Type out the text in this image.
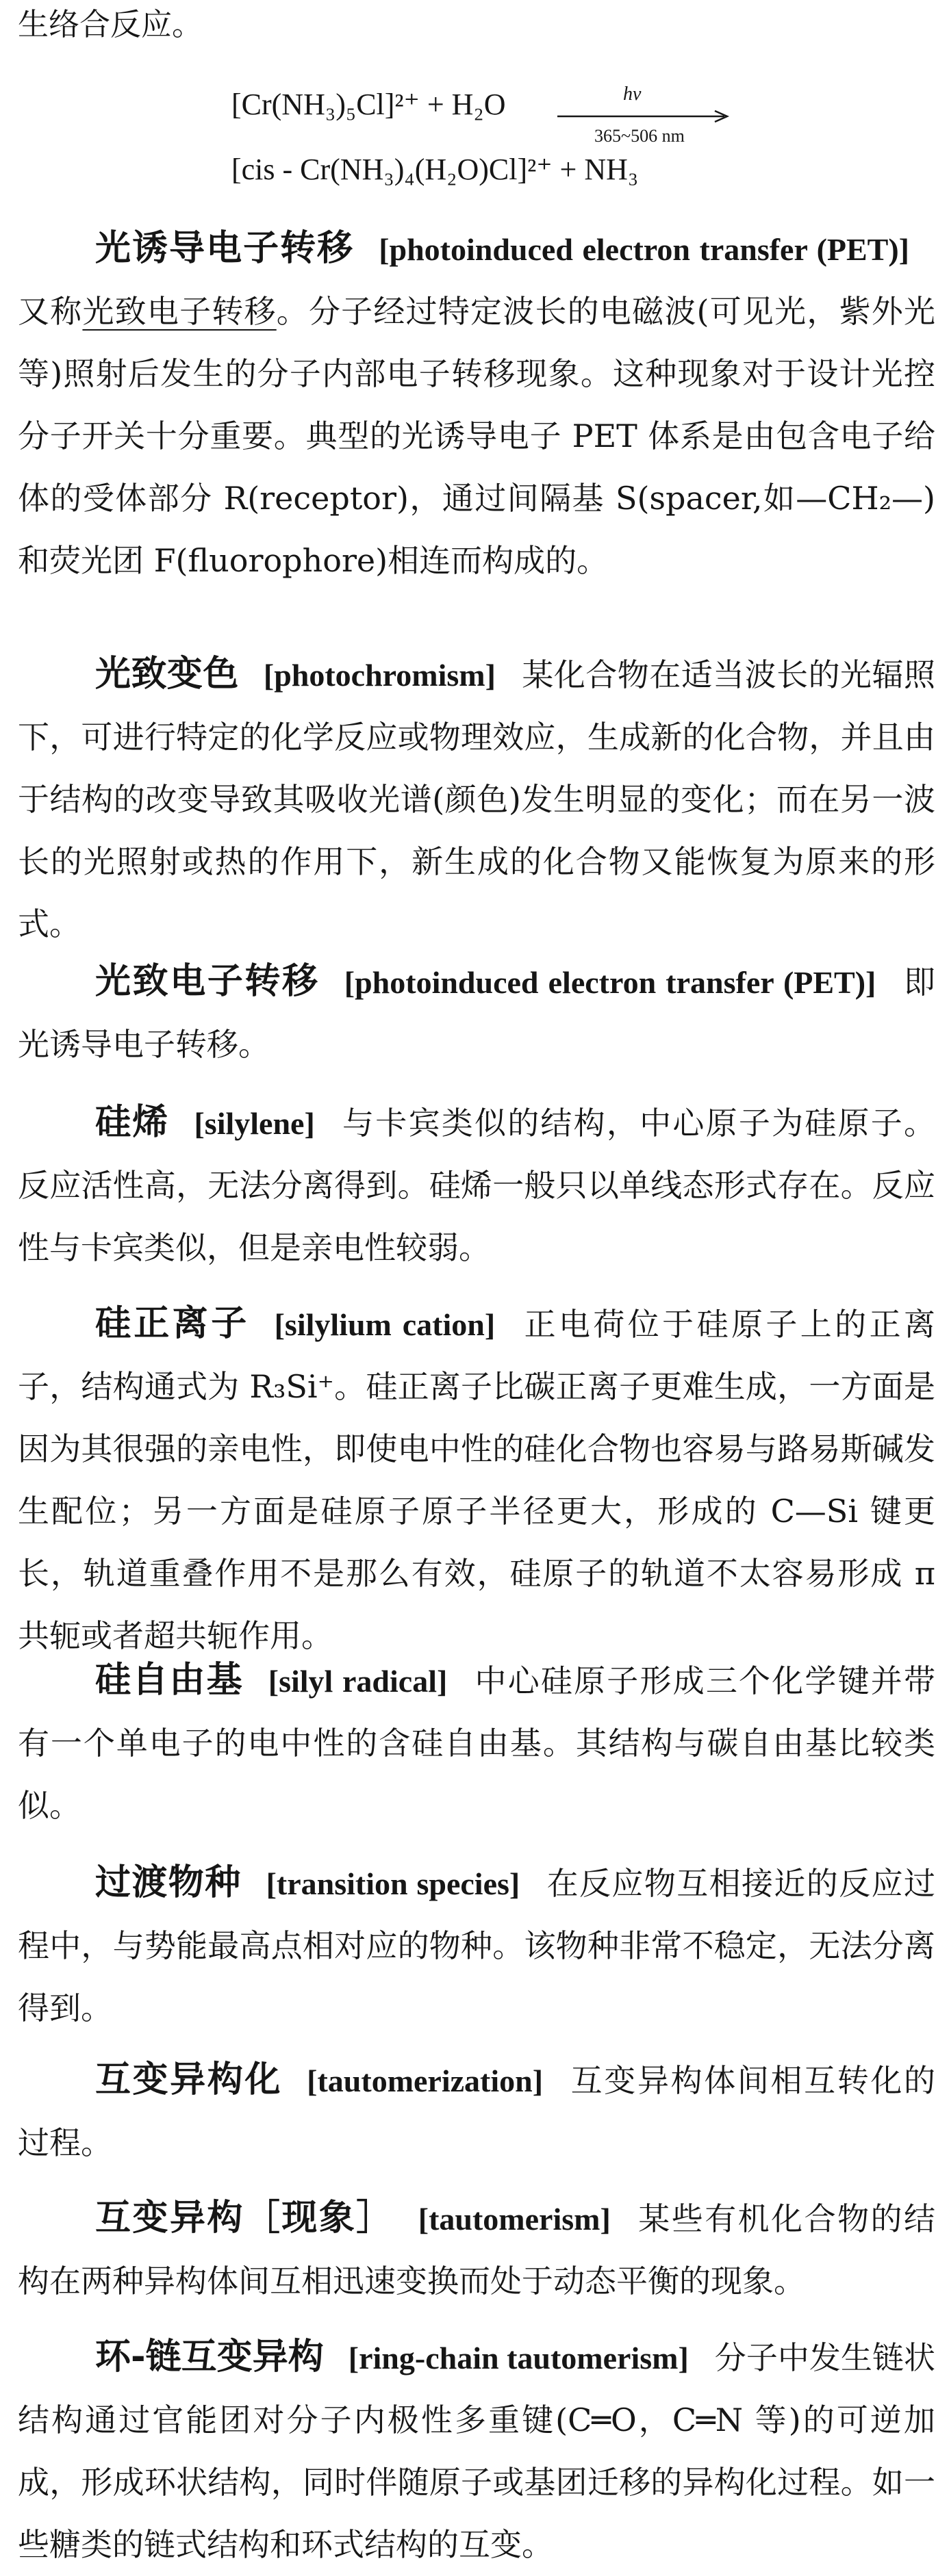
生络合反应。
[Cr(NH₃)₅Cl]²⁺ + H₂O	hν
365~506 nm
[cis - Cr(NH₃)₄(H₂O)Cl]²⁺ + NH₃

光诱导电子转移 [photoinduced electron transfer (PET)]又称光致电子转移。分子经过特定波长的电磁波(可见光，紫外光等)照射后发生的分子内部电子转移现象。这种现象对于设计光控分子开关十分重要。典型的光诱导电子 PET 体系是由包含电子给体的受体部分 R(receptor)，通过间隔基 S(spacer,如—CH₂—)和荧光团 F(fluorophore)相连而构成的。

光致变色 [photochromism] 某化合物在适当波长的光辐照下，可进行特定的化学反应或物理效应，生成新的化合物，并且由于结构的改变导致其吸收光谱(颜色)发生明显的变化；而在另一波长的光照射或热的作用下，新生成的化合物又能恢复为原来的形式。

光致电子转移 [photoinduced electron transfer (PET)] 即光诱导电子转移。

硅烯 [silylene] 与卡宾类似的结构，中心原子为硅原子。反应活性高，无法分离得到。硅烯一般只以单线态形式存在。反应性与卡宾类似，但是亲电性较弱。

硅正离子 [silylium cation] 正电荷位于硅原子上的正离子，结构通式为 R₃Si⁺。硅正离子比碳正离子更难生成，一方面是因为其很强的亲电性，即使电中性的硅化合物也容易与路易斯碱发生配位；另一方面是硅原子原子半径更大，形成的 C—Si 键更长，轨道重叠作用不是那么有效，硅原子的轨道不太容易形成 π 共轭或者超共轭作用。

硅自由基 [silyl radical] 中心硅原子形成三个化学键并带有一个单电子的电中性的含硅自由基。其结构与碳自由基比较类似。

过渡物种 [transition species] 在反应物互相接近的反应过程中，与势能最高点相对应的物种。该物种非常不稳定，无法分离得到。

互变异构化 [tautomerization] 互变异构体间相互转化的过程。

互变异构［现象］ [tautomerism] 某些有机化合物的结构在两种异构体间互相迅速变换而处于动态平衡的现象。

环-链互变异构 [ring-chain tautomerism] 分子中发生链状结构通过官能团对分子内极性多重键(C═O，C═N 等)的可逆加成，形成环状结构，同时伴随原子或基团迁移的异构化过程。如一些糖类的链式结构和环式结构的互变。
